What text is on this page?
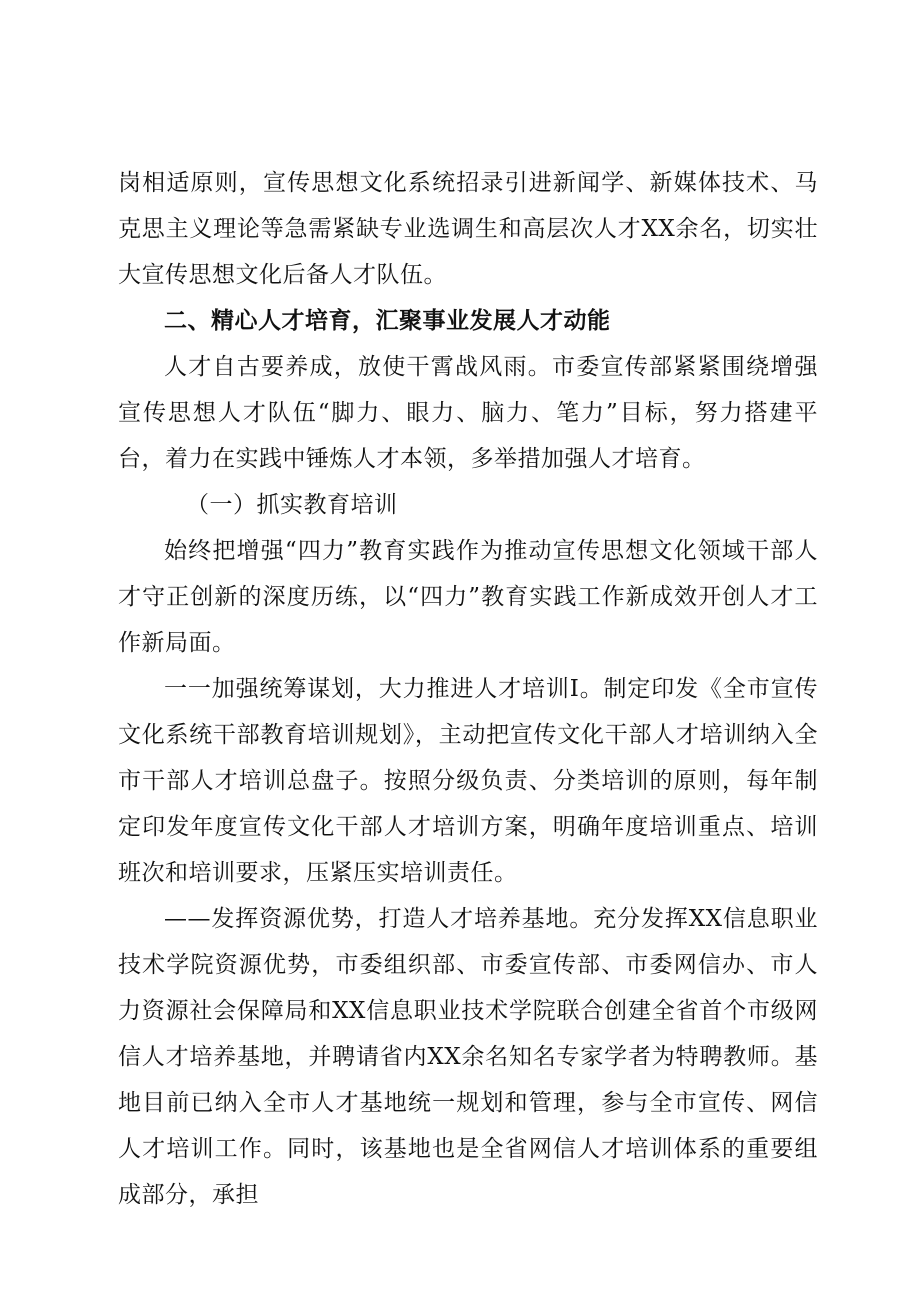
岗相适原则，宣传思想文化系统招录引进新闻学、新媒体技术、马克思主义理论等急需紧缺专业选调生和高层次人才XX余名，切实壮大宣传思想文化后备人才队伍。

二、精心人才培育，汇聚事业发展人才动能

人才自古要养成，放使干霄战风雨。市委宣传部紧紧围绕增强宣传思想人才队伍“脚力、眼力、脑力、笔力”目标，努力搭建平台，着力在实践中锤炼人才本领，多举措加强人才培育。

（一）抓实教育培训

始终把增强“四力”教育实践作为推动宣传思想文化领域干部人才守正创新的深度历练，以“四力”教育实践工作新成效开创人才工作新局面。

一一加强统筹谋划，大力推进人才培训I。制定印发《全市宣传文化系统干部教育培训规划》，主动把宣传文化干部人才培训纳入全市干部人才培训总盘子。按照分级负责、分类培训的原则，每年制定印发年度宣传文化干部人才培训方案，明确年度培训重点、培训班次和培训要求，压紧压实培训责任。

——发挥资源优势，打造人才培养基地。充分发挥XX信息职业技术学院资源优势，市委组织部、市委宣传部、市委网信办、市人力资源社会保障局和XX信息职业技术学院联合创建全省首个市级网信人才培养基地，并聘请省内XX余名知名专家学者为特聘教师。基地目前已纳入全市人才基地统一规划和管理，参与全市宣传、网信人才培训工作。同时，该基地也是全省网信人才培训体系的重要组成部分，承担
